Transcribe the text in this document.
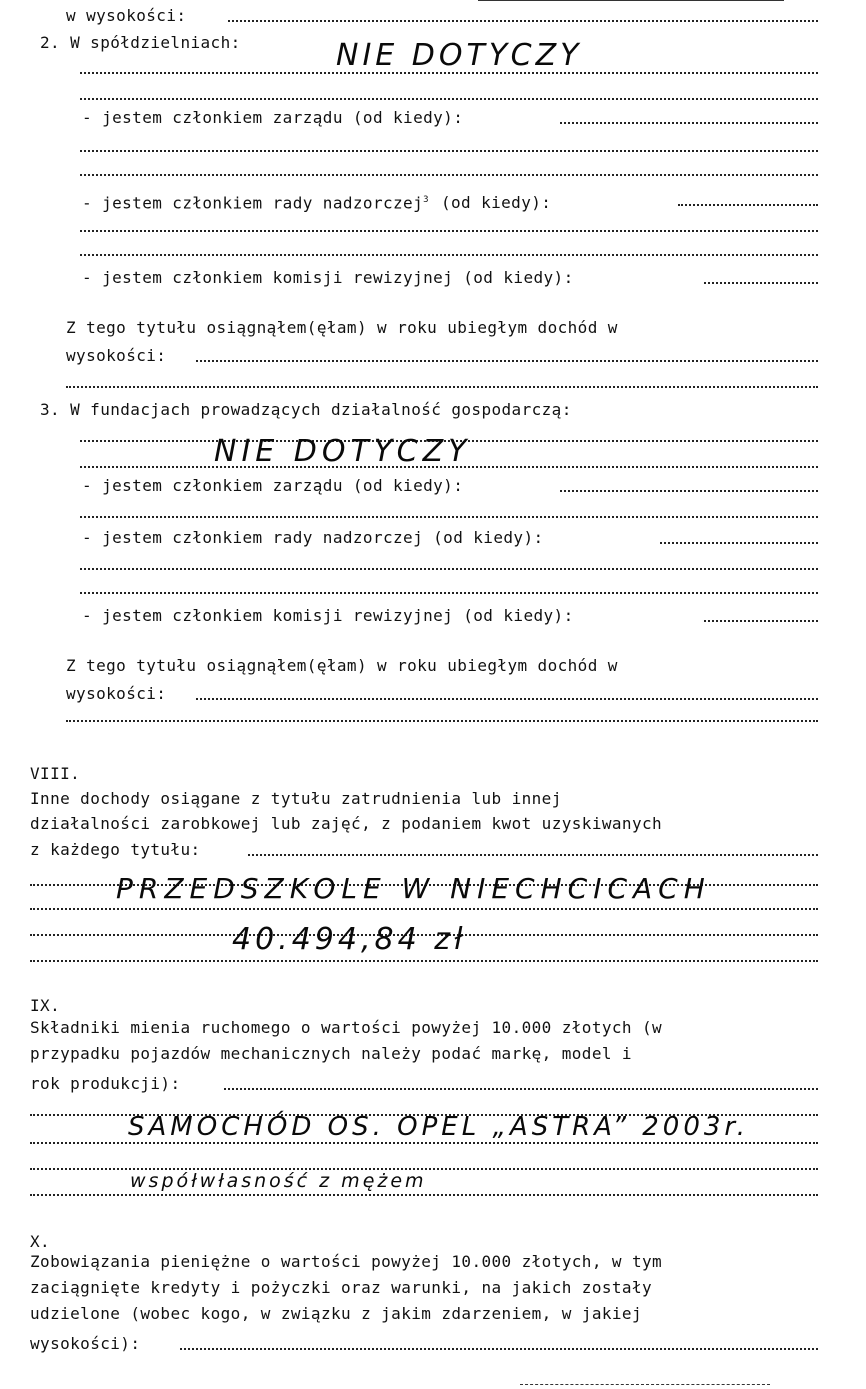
w wysokości:
2. W spółdzielniach:	NIE DOTYCZY
- jestem członkiem zarządu (od kiedy):
- jestem członkiem rady nadzorczej$^3$ (od kiedy):
- jestem członkiem komisji rewizyjnej (od kiedy):
Z tego tytułu osiągnąłem(ęłam) w roku ubiegłym dochód w
wysokości:
3. W fundacjach prowadzących działalność gospodarczą:
NIE DOTYCZY
- jestem członkiem zarządu (od kiedy):
- jestem członkiem rady nadzorczej (od kiedy):
- jestem członkiem komisji rewizyjnej (od kiedy):
Z tego tytułu osiągnąłem(ęłam) w roku ubiegłym dochód w
wysokości:
VIII.
Inne dochody osiągane z tytułu zatrudnienia lub innej
działalności zarobkowej lub zajęć, z podaniem kwot uzyskiwanych
z każdego tytułu:
PRZEDSZKOLE W NIECHCICACH
40.494,84 zł
IX.
Składniki mienia ruchomego o wartości powyżej 10.000 złotych (w
przypadku pojazdów mechanicznych należy podać markę, model i
rok produkcji):
SAMOCHÓD OS. OPEL „ASTRA” 2003r.
współwłasność z mężem
X.
Zobowiązania pieniężne o wartości powyżej 10.000 złotych, w tym
zaciągnięte kredyty i pożyczki oraz warunki, na jakich zostały
udzielone (wobec kogo, w związku z jakim zdarzeniem, w jakiej
wysokości):
